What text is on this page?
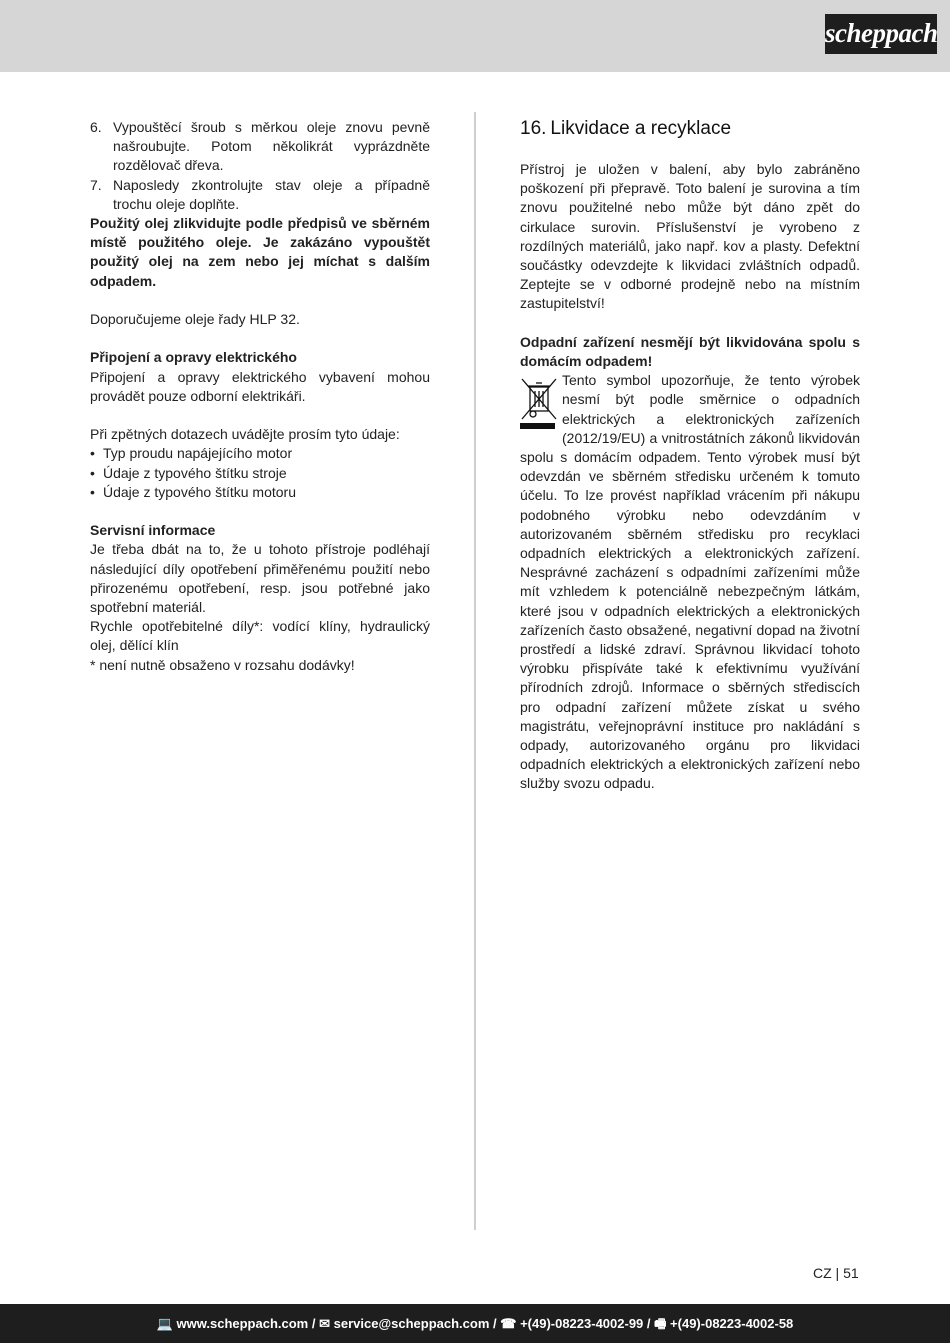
scheppach
6. Vypouštěcí šroub s měrkou oleje znovu pevně našroubujte. Potom několikrát vyprázdněte rozdělovač dřeva.
7. Naposledy zkontrolujte stav oleje a případně trochu oleje doplňte.

Použitý olej zlikvidujte podle předpisů ve sběrném místě použitého oleje. Je zakázáno vypouštět použitý olej na zem nebo jej míchat s dalším odpadem.

Doporučujeme oleje řady HLP 32.

Připojení a opravy elektrického

Připojení a opravy elektrického vybavení mohou provádět pouze odborní elektrikáři.

Při zpětných dotazech uvádějte prosím tyto údaje:

• Typ proudu napájejícího motor
• Údaje z typového štítku stroje
• Údaje z typového štítku motoru

Servisní informace

Je třeba dbát na to, že u tohoto přístroje podléhají následující díly opotřebení přiměřenému použití nebo přirozenému opotřebení, resp. jsou potřebné jako spotřební materiál.

Rychle opotřebitelné díly*: vodící klíny, hydraulický olej, dělící klín

* není nutně obsaženo v rozsahu dodávky!

16. Likvidace a recyklace

Přístroj je uložen v balení, aby bylo zabráněno poškození při přepravě. Toto balení je surovina a tím znovu použitelné nebo může být dáno zpět do cirkulace surovin. Příslušenství je vyrobeno z rozdílných materiálů, jako např. kov a plasty. Defektní součástky odevzdejte k likvidaci zvláštních odpadů. Zeptejte se v odborné prodejně nebo na místním zastupitelství!

Odpadní zařízení nesmějí být likvidována spolu s domácím odpadem!

Tento symbol upozorňuje, že tento výrobek nesmí být podle směrnice o odpadních elektrických a elektronických zařízeních (2012/19/EU) a vnitrostátních zákonů likvidován spolu s domácím odpadem. Tento výrobek musí být odevzdán ve sběrném středisku určeném k tomuto účelu. To lze provést například vrácením při nákupu podobného výrobku nebo odevzdáním v autorizovaném sběrném středisku pro recyklaci odpadních elektrických a elektronických zařízení. Nesprávné zacházení s odpadními zařízeními může mít vzhledem k potenciálně nebezpečným látkám, které jsou v odpadních elektrických a elektronických zařízeních často obsažené, negativní dopad na životní prostředí a lidské zdraví. Správnou likvidací tohoto výrobku přispíváte také k efektivnímu využívání přírodních zdrojů. Informace o sběrných střediscích pro odpadní zařízení můžete získat u svého magistrátu, veřejnoprávní instituce pro nakládání s odpady, autorizovaného orgánu pro likvidaci odpadních elektrických a elektronických zařízení nebo služby svozu odpadu.

CZ | 51
💻 www.scheppach.com / ✉ service@scheppach.com / ☎ +(49)-08223-4002-99 / 🖷 +(49)-08223-4002-58
